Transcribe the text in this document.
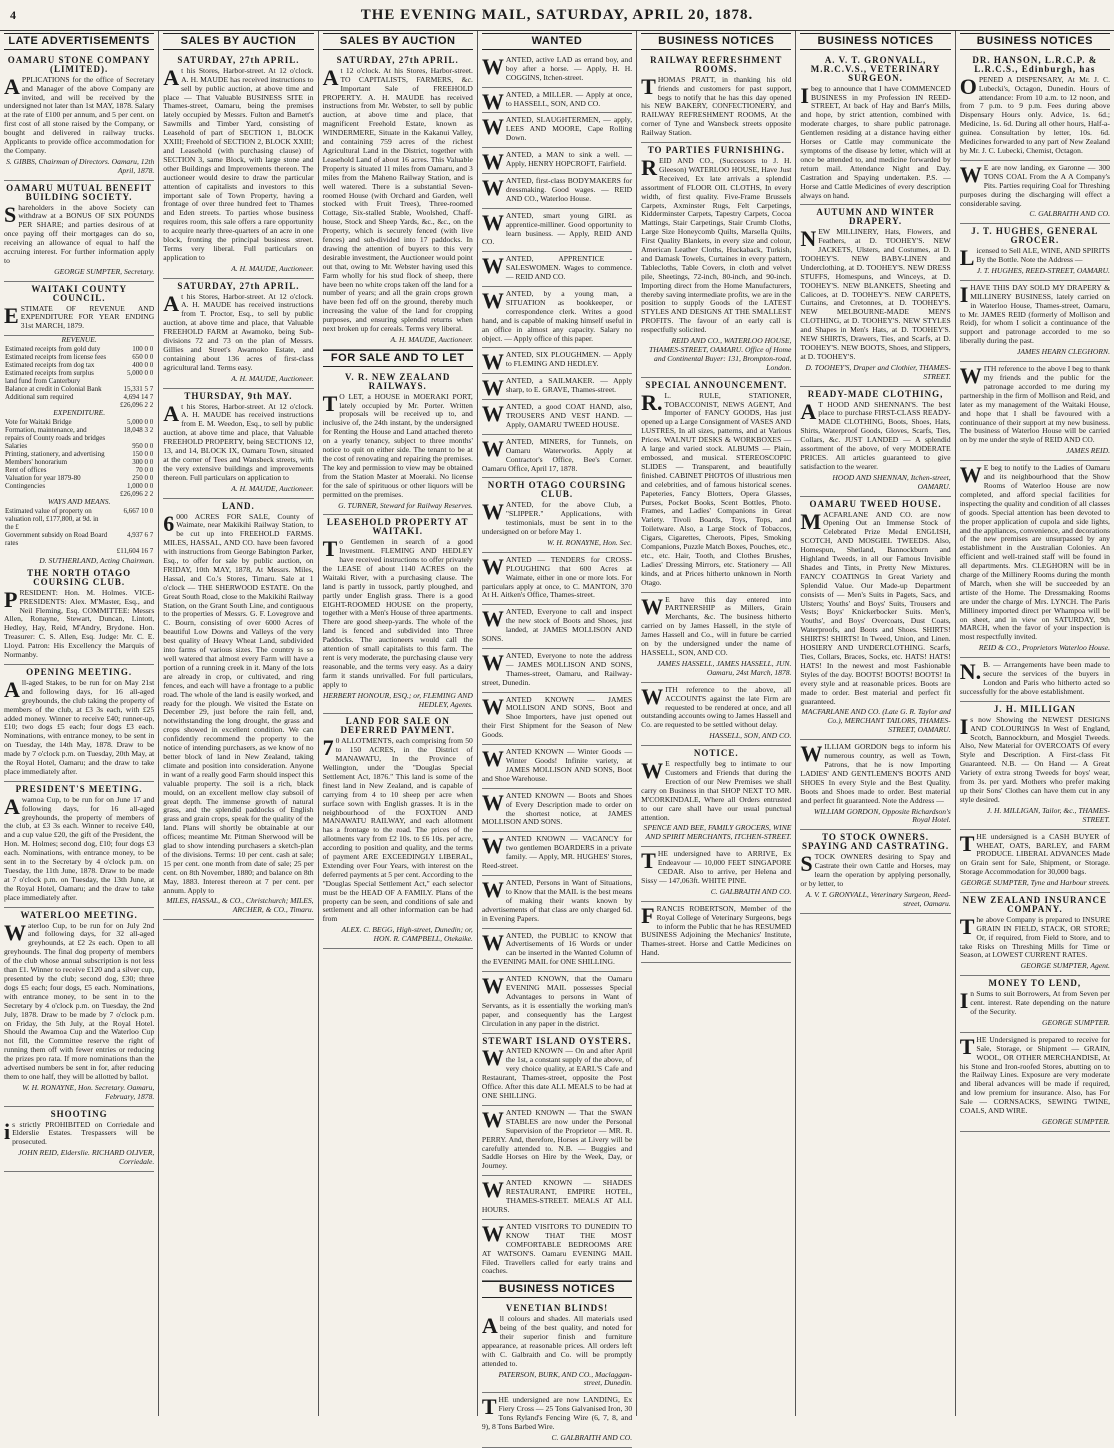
4	THE EVENING MAIL, SATURDAY, APRIL 20, 1878.
LATE ADVERTISEMENTS
OAMARU STONE COMPANY (LIMITED).
APPLICATIONS for the office of Secretary and Manager of the above Company are invited, and will be received by the undersigned not later than 1st MAY, 1878. Salary at the rate of £100 per annum, and 5 per cent. on first cost of all stone raised by the Company, or bought and delivered in railway trucks. Applicants to provide office accommodation for the Company.
S. GIBBS, Chairman of Directors. Oamaru, 12th April, 1878.
OAMARU MUTUAL BENEFIT BUILDING SOCIETY.
Shareholders in the above Society can withdraw at a BONUS OF SIX POUNDS PER SHARE; and parties desirous of at once paying off their mortgages can do so, receiving an allowance of equal to half the accruing interest. For further information apply to
GEORGE SUMPTER, Secretary.
WAITAKI COUNTY COUNCIL.
ESTIMATE OF REVENUE AND EXPENDITURE FOR YEAR ENDING 31st MARCH, 1879.
REVENUE.
Estimated receipts from gold duty	100 0 0
Estimated receipts from license fees	650 0 0
Estimated receipts from dog tax	400 0 0
Estimated receipts from surplus land fund from Canterbury	5,000 0 0
Balance at credit in Colonial Bank	15,331 5 7
Additional sum required	4,694 14 7
	£26,096 2 2
EXPENDITURE.
Vote for Waitaki Bridge	5,000 0 0
Formation, maintenance, and repairs of County roads and bridges	18,048 3 2
Salaries	950 0 0
Printing, stationery, and advertising	150 0 0
Members' honorarium	300 0 0
Rent of offices	70 0 0
Valuation for year 1879-80	250 0 0
Contingencies	1,000 0 0
	£26,096 2 2
WAYS AND MEANS.
Estimated value of property on valuation roll, £177,800, at 9d. in the £	6,667 10 0
Government subsidy on Road Board rates	4,937 6 7
	£11,604 16 7
D. SUTHERLAND, Acting Chairman.
THE NORTH OTAGO COURSING CLUB.
PRESIDENT: Hon. M. Holmes. VICE-PRESIDENTS: Alex. M'Master, Esq., and Neil Fleming, Esq. COMMITTEE: Messrs Allen, Ronayne, Stewart, Duncan, Lintott, Hedley, Hay, Reid, M'Andry, Brydone. Hon. Treasurer: C. S. Allen, Esq. Judge: Mr. C. E. Lloyd. Patron: His Excellency the Marquis of Normanby.
OPENING MEETING.
All-aged Stakes, to be run for on May 21st and following days, for 16 all-aged greyhounds, the club taking the property of members of the club, at £3 3s each, with £25 added money. Winner to receive £40; runner-up, £10; two dogs £5 each; four dogs £3 each. Nominations, with entrance money, to be sent in on Tuesday, the 14th May, 1878. Draw to be made by 7 o'clock p.m. on Tuesday, 20th May, at the Royal Hotel, Oamaru; and the draw to take place immediately after.
PRESIDENT'S MEETING.
Awamoa Cup, to be run for on June 17 and following days, for 16 all-aged greyhounds, the property of members of the club, at £3 3s each. Winner to receive £40, and a cup value £20, the gift of the President, the Hon. M. Holmes; second dog, £10; four dogs £3 each. Nominations, with entrance money, to be sent in to the Secretary by 4 o'clock p.m. on Tuesday, the 11th June, 1878. Draw to be made at 7 o'clock p.m. on Tuesday, the 13th June, at the Royal Hotel, Oamaru; and the draw to take place immediately after.
WATERLOO MEETING.
Waterloo Cup, to be run for on July 2nd and following days, for 32 all-aged greyhounds, at £2 2s each. Open to all greyhounds. The final dog property of members of the club whose annual subscription is not less than £1. Winner to receive £120 and a silver cup, presented by the club; second dog, £30; three dogs £5 each; four dogs, £5 each. Nominations, with entrance money, to be sent in to the Secretary by 4 o'clock p.m. on Tuesday, the 2nd July, 1878. Draw to be made by 7 o'clock p.m. on Friday, the 5th July, at the Royal Hotel. Should the Awamoa Cup and the Waterloo Cup not fill, the Committee reserve the right of running them off with fewer entries or reducing the prizes pro rata. If more nominations than the advertised numbers be sent in for, after reducing them to one half, they will be allotted by ballot.
W. H. RONAYNE, Hon. Secretary. Oamaru, February, 1878.
SHOOTING
is strictly PROHIBITED on Corriedale and Elderslie Estates. Trespassers will be prosecuted.
JOHN REID, Elderslie. RICHARD OLIVER, Corriedale.
SALES BY AUCTION
SATURDAY, 27th APRIL.
At his Stores, Harbor-street. At 12 o'clock. A. H. MAUDE has received instructions to sell by public auction, at above time and place — That Valuable BUSINESS SITE in Thames-street, Oamaru, being the premises lately occupied by Messrs. Fulton and Barnett's Sawmills and Timber Yard, consisting of Leasehold of part of SECTION 1, BLOCK XXIII; Freehold of SECTION 2, BLOCK XXIII; and Leasehold (with purchasing clause) of SECTION 3, same Block, with large stone and other Buildings and Improvements thereon. The auctioneer would desire to draw the particular attention of capitalists and investors to this important sale of Town Property, having a frontage of over three hundred feet to Thames and Eden streets. To parties whose business requires room, this sale offers a rare opportunity to acquire nearly three-quarters of an acre in one block, fronting the principal business street. Terms very liberal. Full particulars on application to
A. H. MAUDE, Auctioneer.
SATURDAY, 27th APRIL.
At his Stores, Harbor-street. At 12 o'clock. A. H. MAUDE has received instructions from T. Proctor, Esq., to sell by public auction, at above time and place, that Valuable FREEHOLD FARM at Awamoko, being Sub-divisions 72 and 73 on the plan of Messrs. Gillies and Street's Awamoko Estate, and containing about 136 acres of first-class agricultural land. Terms easy.
A. H. MAUDE, Auctioneer.
THURSDAY, 9th MAY.
At his Stores, Harbor-street. At 12 o'clock. A. H. MAUDE has received instructions from E. M. Weedon, Esq., to sell by public auction, at above time and place, that Valuable FREEHOLD PROPERTY, being SECTIONS 12, 13, and 14, BLOCK IX, Oamaru Town, situated at the corner of Tees and Wansbeck streets, with the very extensive buildings and improvements thereon. Full particulars on application to
A. H. MAUDE, Auctioneer.
LAND.
6000 ACRES FOR SALE, County of Waimate, near Makikihi Railway Station, to be cut up into FREEHOLD FARMS. MILES, HASSAL, AND CO. have been favored with instructions from George Babington Parker, Esq., to offer for sale by public auction, on FRIDAY, 10th MAY, 1878, At Messrs. Miles, Hassal, and Co.'s Stores, Timaru. Sale at 1 o'clock — THE SHERWOOD ESTATE. On the Great South Road, close to the Makikihi Railway Station, on the Grant South Line, and contiguous to the properties of Messrs. G. F. Lovegrove and C. Bourn, consisting of over 6000 Acres of beautiful Low Downs and Valleys of the very best quality of Heavy Wheat Land, subdivided into farms of various sizes. The country is so well watered that almost every Farm will have a portion of a running creek in it. Many of the lots are already in crop, or cultivated, and ring fences, and each will have a frontage to a public road. The whole of the land is easily worked, and ready for the plough. We visited the Estate on December 29, just before the rain fell, and, notwithstanding the long drought, the grass and crops showed in excellent condition. We can confidently recommend the property to the notice of intending purchasers, as we know of no better block of land in New Zealand, taking climate and position into consideration. Anyone in want of a really good Farm should inspect this valuable property. The soil is a rich, black mould, on an excellent mellow clay subsoil of great depth. The immense growth of natural grass, and the splendid paddocks of English grass and grain crops, speak for the quality of the land. Plans will shortly be obtainable at our offices; meantime Mr. Pitman Sherwood will be glad to show intending purchasers a sketch-plan of the divisions. Terms: 10 per cent. cash at sale; 15 per cent. one month from date of sale; 25 per cent. on 8th November, 1880; and balance on 8th May, 1883. Interest thereon at 7 per cent. per annum. Apply to
MILES, HASSAL, & CO., Christchurch; MILES, ARCHER, & CO., Timaru.
SALES BY AUCTION
SATURDAY, 27th APRIL.
At 12 o'clock. At his Stores, Harbor-street. TO CAPITALISTS, FARMERS, &c. Important Sale of FREEHOLD PROPERTY. A. H. MAUDE has received instructions from Mr. Webster, to sell by public auction, at above time and place, that magnificent Freehold Estate, known as WINDERMERE, Situate in the Kakanui Valley, and containing 759 acres of the richest Agricultural Land in the District, together with Leasehold Land of about 16 acres. This Valuable Property is situated 11 miles from Oamaru, and 3 miles from the Maheno Railway Station, and is well watered. There is a substantial Seven-roomed House (with Orchard and Garden, well stocked with Fruit Trees), Three-roomed Cottage, Six-stalled Stable, Woolshed, Chaff-house, Stock and Sheep Yards, &c., &c., on the Property, which is securely fenced (with live fences) and sub-divided into 17 paddocks. In drawing the attention of buyers to this very desirable investment, the Auctioneer would point out that, owing to Mr. Webster having used this Farm wholly for his stud flock of sheep, there have been no white crops taken off the land for a number of years; and all the grain crops grown have been fed off on the ground, thereby much increasing the value of the land for cropping purposes, and ensuring splendid returns when next broken up for cereals. Terms very liberal.
A. H. MAUDE, Auctioneer.
FOR SALE AND TO LET
V. R. NEW ZEALAND RAILWAYS.
TO LET, a HOUSE in MOERAKI PORT, lately occupied by Mr. Porter. Written proposals will be received up to, and inclusive of, the 24th instant, by the undersigned for Renting the House and Land attached thereto on a yearly tenancy, subject to three months' notice to quit on either side. The tenant to be at the cost of renovating and repairing the premises. The key and permission to view may be obtained from the Station Master at Moeraki. No license for the sale of spirituous or other liquors will be permitted on the premises.
G. TURNER, Steward for Railway Reserves.
LEASEHOLD PROPERTY AT WAITAKI.
To Gentlemen in search of a good Investment. FLEMING AND HEDLEY have received instructions to offer privately the LEASE of about 1140 ACRES on the Waitaki River, with a purchasing clause. The land is partly in tussock, partly ploughed, and partly under English grass. There is a good EIGHT-ROOMED HOUSE on the property, together with a Men's House of three apartments. There are good sheep-yards. The whole of the land is fenced and subdivided into Three Paddocks. The auctioneers would call the attention of small capitalists to this farm. The rent is very moderate, the purchasing clause very reasonable, and the terms very easy. As a dairy farm it stands unrivalled. For full particulars, apply to
HERBERT HONOUR, ESQ.; or, FLEMING AND HEDLEY, Agents.
LAND FOR SALE ON DEFERRED PAYMENT.
70 ALLOTMENTS, each comprising from 50 to 150 ACRES, in the District of MANAWATU, In the Province of Wellington, under the "Douglas Special Settlement Act, 1876." This land is some of the finest land in New Zealand, and is capable of carrying from 4 to 10 sheep per acre when surface sown with English grasses. It is in the neighbourhood of the FOXTON AND MANAWATU RAILWAY, and each allotment has a frontage to the road. The prices of the allotments vary from £2 10s. to £6 10s. per acre, according to position and quality, and the terms of payment ARE EXCEEDINGLY LIBERAL, Extending over Four Years, with interest on the deferred payments at 5 per cent. According to the "Douglas Special Settlement Act," each selector must be the HEAD OF A FAMILY. Plans of the property can be seen, and conditions of sale and settlement and all other information can be had from
ALEX. C. BEGG, High-street, Dunedin; or, HON. R. CAMPBELL, Otekaike.
WANTED
WANTED, active LAD as errand boy, and boy after a horse. — Apply, H. H. COGGINS, Itchen-street.
WANTED, a MILLER. — Apply at once, to HASSELL, SON, AND CO.
WANTED, SLAUGHTERMEN, — apply, LEES AND MOORE, Cape Rolling Down.
WANTED, a MAN to sink a well. — Apply, HENRY HOPCROFT, Fairfield.
WANTED, first-class BODYMAKERS for dressmaking. Good wages. — REID AND CO., Waterloo House.
WANTED, smart young GIRL as apprentice-milliner. Good opportunity to learn business. — Apply, REID AND CO.
WANTED, APPRENTICE - SALESWOMEN. Wages to commence. — REID AND CO.
WANTED, by a young man, a SITUATION as bookkeeper, or correspondence clerk. Writes a good hand, and is capable of making himself useful in an office in almost any capacity. Salary no object. — Apply office of this paper.
WANTED, SIX PLOUGHMEN. — Apply to FLEMING AND HEDLEY.
WANTED, a SAILMAKER. — Apply sharp, to E. GRAVE, Thames-street.
WANTED, a good COAT HAND, also, TROUSERS AND VEST HAND. — Apply, OAMARU TWEED HOUSE.
WANTED, MINERS, for Tunnels, on Oamaru Waterworks. Apply at Contractor's Office, Bee's Corner. Oamaru Office, April 17, 1878.
NORTH OTAGO COURSING CLUB.
WANTED, for the above Club, a "SLIPPER." Applications, with testimonials, must be sent in to the undersigned on or before May 1.
W. H. RONAYNE, Hon. Sec.
WANTED — TENDERS for CROSS-PLOUGHING that 600 Acres at Waimate, either in one or more lots. For particulars apply at once, to C. MANTON, 370 At H. Aitken's Office, Thames-street.
WANTED, Everyone to call and inspect the new stock of Boots and Shoes, just landed, at JAMES MOLLISON AND SONS.
WANTED, Everyone to note the address — JAMES MOLLISON AND SONS, Thames-street, Oamaru, and Railway-street, Dunedin.
WANTED KNOWN — JAMES MOLLISON AND SONS, Boot and Shoe Importers, have just opened out their First Shipment for the Season of New Goods.
WANTED KNOWN — Winter Goods — Winter Goods! Infinite variety, at JAMES MOLLISON AND SONS, Boot and Shoe Warehouse.
WANTED KNOWN — Boots and Shoes of Every Description made to order on the shortest notice, at JAMES MOLLISON AND SONS.
WANTED KNOWN — VACANCY for two gentlemen BOARDERS in a private family. — Apply, MR. HUGHES' Stores, Reed-street.
WANTED, Persons in Want of Situations, to Know that the MAIL is the best means of making their wants known by advertisements of that class are only charged 6d. in Evening Papers.
WANTED, the PUBLIC to KNOW that Advertisements of 16 Words or under can be inserted in the Wanted Column of the EVENING MAIL for ONE SHILLING.
WANTED KNOWN, that the Oamaru EVENING MAIL possesses Special Advantages to persons in Want of Servants, as it is essentially the working man's paper, and consequently has the Largest Circulation in any paper in the district.
STEWART ISLAND OYSTERS.
WANTED KNOWN — On and after April the 1st, a constant supply of the above, of very choice quality, at EARL'S Cafe and Restaurant, Thames-street, opposite the Post Office. After this date ALL MEALS to be had at ONE SHILLING.
WANTED KNOWN — That the SWAN STABLES are now under the Personal Supervision of the Proprietor — MR. R. PERRY. And, therefore, Horses at Livery will be carefully attended to. N.B. — Buggies and Saddle Horses on Hire by the Week, Day, or Journey.
WANTED KNOWN — SHADES RESTAURANT, EMPIRE HOTEL, THAMES-STREET. MEALS AT ALL HOURS.
WANTED VISITORS TO DUNEDIN TO KNOW THAT THE MOST COMFORTABLE BEDROOMS ARE AT WATSON'S. Oamaru EVENING MAIL Filed. Travellers called for early trains and coaches.
BUSINESS NOTICES
VENETIAN BLINDS!
All colours and shades. All materials used being of the best quality, and noted for their superior finish and furniture appearance, at reasonable prices. All orders left with C. Galbraith and Co. will be promptly attended to.
PATERSON, BURK, AND CO., Maclaggan-street, Dunedin.
THE undersigned are now LANDING, Ex Fiery Cross — 25 Tons Galvanised Iron, 30 Tons Ryland's Fencing Wire (6, 7, 8, and 9), 8 Tons Barbed Wire.
C. GALBRAITH AND CO.
BUSINESS NOTICES
RAILWAY REFRESHMENT ROOMS.
THOMAS PRATT, in thanking his old friends and customers for past support, begs to notify that he has this day opened his NEW BAKERY, CONFECTIONERY, and RAILWAY REFRESHMENT ROOMS, At the corner of Tyne and Wansbeck streets opposite Railway Station.
TO PARTIES FURNISHING.
REID AND CO., (Successors to J. H. Gleeson) WATERLOO HOUSE, Have Just Received, Ex late arrivals a splendid assortment of FLOOR OIL CLOTHS, In every width, of first quality. Five-Frame Brussels Carpets, Axminster Rugs, Felt Carpetings, Kidderminster Carpets, Tapestry Carpets, Cocoa Mattings, Stair Carpetings, Stair Crumb Cloths, Large Size Honeycomb Quilts, Marsella Quilts, First Quality Blankets, in every size and colour, American Leather Cloths, Huckaback, Turkish, and Damask Towels, Curtaines in every pattern, Tablecloths, Table Covers, in cloth and velvet pile, Sheetings, 72-inch, 80-inch, and 90-inch. Importing direct from the Home Manufacturers, thereby saving intermediate profits, we are in the position to supply Goods of the LATEST STYLES AND DESIGNS AT THE SMALLEST PROFITS. The favour of an early call is respectfully solicited.
REID AND CO., WATERLOO HOUSE, THAMES-STREET, OAMARU. Office of Home and Continental Buyer: 131, Brompton-road, London.
SPECIAL ANNOUNCEMENT.
R.L. RULE, STATIONER, TOBACCONIST, NEWS AGENT, And Importer of FANCY GOODS, Has just opened up a Large Consignment of VASES AND LUSTRES, In all sizes, patterns, and at Various Prices. WALNUT DESKS & WORKBOXES — A large and varied stock. ALBUMS — Plain, embossed, and musical. STEREOSCOPIC SLIDES — Transparent, and beautifully finished. CABINET PHOTOS Of illustrious men and celebrities, and of famous historical scenes. Papeteries, Fancy Blotters, Opera Glasses, Purses, Pocket Books, Scent Bottles, Photo. Frames, and Ladies' Companions in Great Variety. Tivoli Boards, Toys, Tops, and Toiletware. Also, a Large Stock of Tobaccos, Cigars, Cigarettes, Cheroots, Pipes, Smoking Companions, Puzzle Match Boxes, Pouches, etc., etc., etc. Hair, Tooth, and Clothes Brushes, Ladies' Dressing Mirrors, etc. Stationery — All kinds, and at Prices hitherto unknown in North Otago.
WE have this day entered into PARTNERSHIP as Millers, Grain Merchants, &c. The business hitherto carried on by James Hassell, in the style of James Hassell and Co., will in future be carried on by the undersigned under the name of HASSELL, SON, AND CO.
JAMES HASSELL, JAMES HASSELL, JUN. Oamaru, 24st March, 1878.
WITH reference to the above, all ACCOUNTS against the late Firm are requested to be rendered at once, and all outstanding accounts owing to James Hassell and Co. are requested to be settled without delay.
HASSELL, SON, AND CO.
NOTICE.
WE respectfully beg to intimate to our Customers and Friends that during the Erection of our New Premises we shall carry on Business in that SHOP NEXT TO MR. M'CORKINDALE, Where all Orders entrusted to our care shall have our usual punctual attention.
SPENCE AND BEE, FAMILY GROCERS, WINE AND SPIRIT MERCHANTS, ITCHEN-STREET.
THE undersigned have to ARRIVE, Ex Endeavour — 10,000 FEET SINGAPORE CEDAR. Also to arrive, per Helena and Sissy — 147,063ft. WHITE PINE.
C. GALBRAITH AND CO.
FRANCIS ROBERTSON, Member of the Royal College of Veterinary Surgeons, begs to inform the Public that he has RESUMED BUSINESS Adjoining the Mechanics' Institute, Thames-street. Horse and Cattle Medicines on Hand.
BUSINESS NOTICES
A. V. T. GRONVALL, M.R.C.V.S., VETERINARY SURGEON.
Ibeg to announce that I have COMMENCED BUSINESS in my Profession IN REED-STREET, At back of Hay and Barr's Mills, and hope, by strict attention, combined with moderate charges, to share public patronage. Gentlemen residing at a distance having either Horses or Cattle may communicate the symptoms of the disease by letter, which will at once be attended to, and medicine forwarded by return mail. Attendance Night and Day. Castration and Spaying undertaken. P.S. — Horse and Cattle Medicines of every description always on hand.
AUTUMN AND WINTER DRAPERY.
NEW MILLINERY, Hats, Flowers, and Feathers, at D. TOOHEY'S. NEW JACKETS, Ulsters, and Costumes, at D. TOOHEY'S. NEW BABY-LINEN and Underclothing, at D. TOOHEY'S. NEW DRESS STUFFS, Homespuns, and Winceys, at D. TOOHEY'S. NEW BLANKETS, Sheeting and Calicoes, at D. TOOHEY'S. NEW CARPETS, Curtains, and Cretonnes, at D. TOOHEY'S. NEW MELBOURNE-MADE MEN'S CLOTHING, at D. TOOHEY'S. NEW STYLES and Shapes in Men's Hats, at D. TOOHEY'S. NEW SHIRTS, Drawers, Ties, and Scarfs, at D. TOOHEY'S. NEW BOOTS, Shoes, and Slippers, at D. TOOHEY'S.
D. TOOHEY'S, Draper and Clothier, THAMES-STREET.
READY-MADE CLOTHING,
AT HOOD AND SHENNAN'S. The best place to purchase FIRST-CLASS READY-MADE CLOTHING, Boots, Shoes, Hats, Shirts, Waterproof Goods, Gloves, Scarfs, Ties, Collars, &c. JUST LANDED — A splendid assortment of the above, of very MODERATE PRICES. All articles guaranteed to give satisfaction to the wearer.
HOOD AND SHENNAN, Itchen-street, OAMARU.
OAMARU TWEED HOUSE.
MACFARLANE AND CO. are now Opening Out an Immense Stock of Celebrated Prize Medal ENGLISH, SCOTCH, AND MOSGIEL TWEEDS. Also, Homespun, Shetland, Bannockburn and Highland Tweeds, in all our Famous Invisible Shades and Tints, in Pretty New Mixtures. FANCY COATINGS In Great Variety and Splendid Value. Our Made-up Department consists of — Men's Suits in Pagets, Sacs, and Ulsters; Youths' and Boys' Suits, Trousers and Vests; Boys' Knickerbocker Suits. Men's, Youths', and Boys' Overcoats, Dust Coats, Waterproofs, and Boots and Shoes. SHIRTS! SHIRTS! SHIRTS! In Tweed, Union, and Linen. HOSIERY AND UNDERCLOTHING. Scarfs, Ties, Collars, Braces, Socks, etc. HATS! HATS! HATS! In the newest and most Fashionable Styles of the day. BOOTS! BOOTS! BOOTS! In every style and at reasonable prices. Boots are made to order. Best material and perfect fit guaranteed.
MACFARLANE AND CO. (Late G. R. Taylor and Co.), MERCHANT TAILORS, THAMES-STREET, OAMARU.
WILLIAM GORDON begs to inform his numerous country, as well as Town, Patrons, that he is now Importing LADIES' AND GENTLEMEN'S BOOTS AND SHOES In every Style and the Best Quality. Boots and Shoes made to order. Best material and perfect fit guaranteed. Note the Address —
WILLIAM GORDON, Opposite Richardson's Royal Hotel.
TO STOCK OWNERS. SPAYING AND CASTRATING.
STOCK OWNERS desiring to Spay and Castrate their own Cattle and Horses, may learn the operation by applying personally, or by letter, to
A. V. T. GRONVALL, Veterinary Surgeon, Reed-street, Oamaru.
BUSINESS NOTICES
DR. HANSON, L.R.C.P. & L.R.C.S., Edinburgh, has
OPENED A DISPENSARY, At Mr. J. C. Lubecki's, Octagon, Dunedin. Hours of attendance: From 10 a.m. to 12 noon, and from 7 p.m. to 9 p.m. Fees during above Dispensary Hours only. Advice, 1s. 6d.; Medicine, 1s. 6d. During all other hours, Half-a-guinea. Consultation by letter, 10s. 6d. Medicines forwarded to any part of New Zealand by Mr. J. C. Lubecki, Chemist, Octagon.
WE are now landing, ex Garonne — 300 TONS COAL From the A A Company's Pits. Parties requiring Coal for Threshing purposes during the discharging will effect a considerable saving.
C. GALBRAITH AND CO.
J. T. HUGHES, GENERAL GROCER.
Licensed to Sell ALE, WINE, AND SPIRITS By the Bottle. Note the Address —
J. T. HUGHES, REED-STREET, OAMARU.
IHAVE THIS DAY SOLD MY DRAPERY & MILLINERY BUSINESS, lately carried on in Waterloo House, Thames-street, Oamaru, to Mr. JAMES REID (formerly of Mollison and Reid), for whom I solicit a continuance of the support and patronage accorded to me so liberally during the past.
JAMES HEARN CLEGHORN.
WITH reference to the above I beg to thank my friends and the public for the patronage accorded to me during my partnership in the firm of Mollison and Reid, and later as my management of the Waitaki House, and hope that I shall be favoured with a continuance of their support at my new business. The business of Waterloo House will be carried on by me under the style of REID AND CO.
JAMES REID.
WE beg to notify to the Ladies of Oamaru and its neighbourhood that the Show Rooms of Waterloo House are now completed, and afford special facilities for inspecting the quality and condition of all classes of goods. Special attention has been devoted to the proper application of cupola and side lights, and the appliances, convenience, and decorations of the new premises are unsurpassed by any establishment in the Australian Colonies. An efficient and well-trained staff will be found in all departments. Mrs. CLEGHORN will be in charge of the Millinery Rooms during the month of March, when she will be succeeded by an artiste of the Home. The Dressmaking Rooms are under the charge of Mrs. LYNCH. The Paris Millinery imported direct per Whampoa will be on sheet, and in view on SATURDAY, 9th MARCH, when the favor of your inspection is most respectfully invited.
REID & CO., Proprietors Waterloo House.
N.B. — Arrangements have been made to secure the services of the buyers in London and Paris who hitherto acted so successfully for the above establishment.
J. H. MILLIGAN
Is now Showing the NEWEST DESIGNS AND COLOURINGS In West of England, Scotch, Bannockburn, and Mosgiel Tweeds. Also, New Material for OVERCOATS Of every Style and Description. A First-class Fit Guaranteed. N.B. — On Hand — A Great Variety of extra strong Tweeds for boys' wear, from 3s. per yard. Mothers who prefer making up their Sons' Clothes can have them cut in any style desired.
J. H. MILLIGAN, Tailor, &c., THAMES-STREET.
THE undersigned is a CASH BUYER of WHEAT, OATS, BARLEY, and FARM PRODUCE. LIBERAL ADVANCES Made on Grain sent for Sale, Shipment, or Storage. Storage Accommodation for 30,000 bags.
GEORGE SUMPTER, Tyne and Harbour streets.
NEW ZEALAND INSURANCE COMPANY.
The above Company is prepared to INSURE GRAIN IN FIELD, STACK, OR STORE; Or, if required, from Field to Store, and to take Risks on Threshing Mills for Time or Season, at LOWEST CURRENT RATES.
GEORGE SUMPTER, Agent.
MONEY TO LEND,
In Sums to suit Borrowers, At from Seven per cent. interest. Rate depending on the nature of the Security.
GEORGE SUMPTER.
THE Undersigned is prepared to receive for Sale, Storage, or Shipment — GRAIN, WOOL, OR OTHER MERCHANDISE, At his Stone and Iron-roofed Stores, abutting on to the Railway Lines. Exposure are very moderate and liberal advances will be made if required, and low premium for insurance. Also, has For Sale — CORNSACKS, SEWING TWINE, COALS, AND WIRE.
GEORGE SUMPTER.
